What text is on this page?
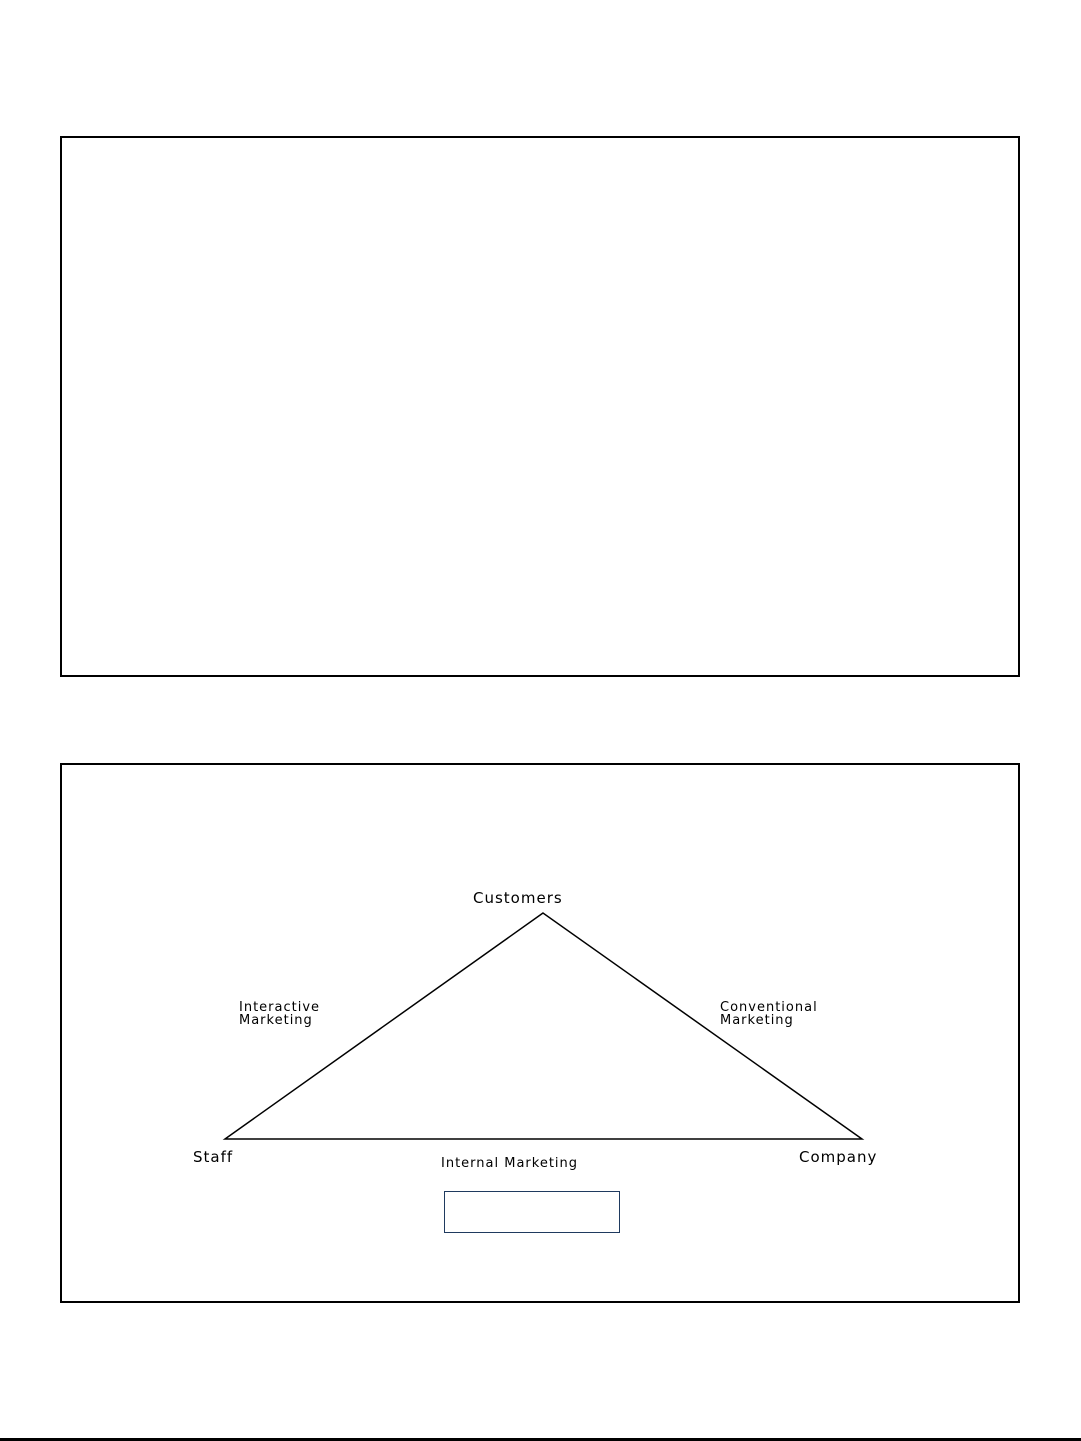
Customers
Staff	Company
Interactive
Marketing
Conventional
Marketing
Internal Marketing
